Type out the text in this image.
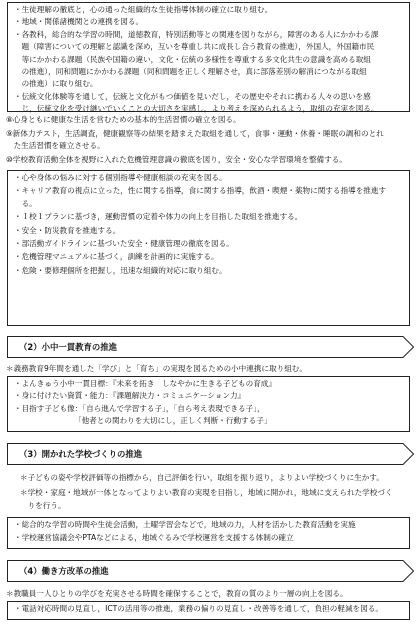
・生徒理解の徹底と，心の通った組織的な生徒指導体制の確立に取り組む。

・地域・関係諸機関との連携を図る。

・各教科，総合的な学習の時間，道徳教育，特別活動等との関連を図りながら，障害のある人にかかわる課

　題（障害についての理解と認識を深め，互いを尊重し共に成長し合う教育の推進），外国人，外国籍市民

　等にかかわる課題（民族や国籍の違い，文化・伝統の多様性を尊重する多文化共生の意識を高める取組

　の推進），同和問題にかかわる課題（同和問題を正しく理解させ，真に部落差別の解消につながる取組

　の推進）に取り組む。

・伝統文化体験等を通して，伝統と文化がもつ価値を見いだし，その歴史やそれに携わる人々の思いを感

　じ，伝統文化を受け継いでいくことの大切さを実感し，より考えを深められるよう，取組の充実を図る。

⑧心身ともに健康な生活を営むための基本的生活習慣の確立を図る。

⑨新体力テスト，生活調査，健康観察等の結果を踏まえた取組を通して，食事・運動・休養・睡眠の調和のとれ

　た生活習慣を確立させる。

⑩学校教育活動全体を視野に入れた危機管理意識の徹底を図り，安全・安心な学習環境を整備する。

・心や身体の悩みに対する個別指導や健康相談の充実を図る。

・キャリア教育の視点に立った，性に関する指導，食に関する指導，飲酒・喫煙・薬物に関する指導を推進す

　る。

・Ｉ校１プランに基づき，運動習慣の定着や体力の向上を目指した取組を推進する。

・安全・防災教育を推進する。

・部活動ガイドラインに基づいた安全・健康管理の徹底を図る。

・危機管理マニュアルに基づく，訓練を計画的に実施する。

・危険・要修理個所を把握し，迅速な組織的対応に取り組む。

（2）小中一貫教育の推進

＊義務教育9年間を通した「学び」と「育ち」の実現を図るための小中連携に取り組む。

・よんきゅう小中一貫目標：『未来を拓き　しなやかに生きる子どもの育成』

・身に付けたい資質・能力：『課題解決力・コミュニケーション力』

・目指す子ども像：「自ら進んで学習する子」，「自ら考え表現できる子」，

「他者との関わりを大切にし，正しく判断・行動する子」

（3）開かれた学校づくりの推進

＊子どもの姿や学校評価等の指標から，自己評価を行い，取組を振り返り，よりよい学校づくりに生かす。

＊学校・家庭・地域が一体となってよりよい教育の実現を目指し，地域に開かれ，地域に支えられた学校づく

　りを行う。

・総合的な学習の時間や生徒会活動，土曜学習会などで，地域の力，人材を活かした教育活動を実施

・学校運営協議会やPTAなどによる，地域ぐるみで学校運営を支援する体制の確立

（4）働き方改革の推進

＊教職員一人ひとりの学びを充実させる時間を確保することで，教育の質のより一層の向上を図る。

・電話対応時間の見直し，ICTの活用等の推進，業務の偏りの見直し・改善等を通して，負担の軽減を図る。
